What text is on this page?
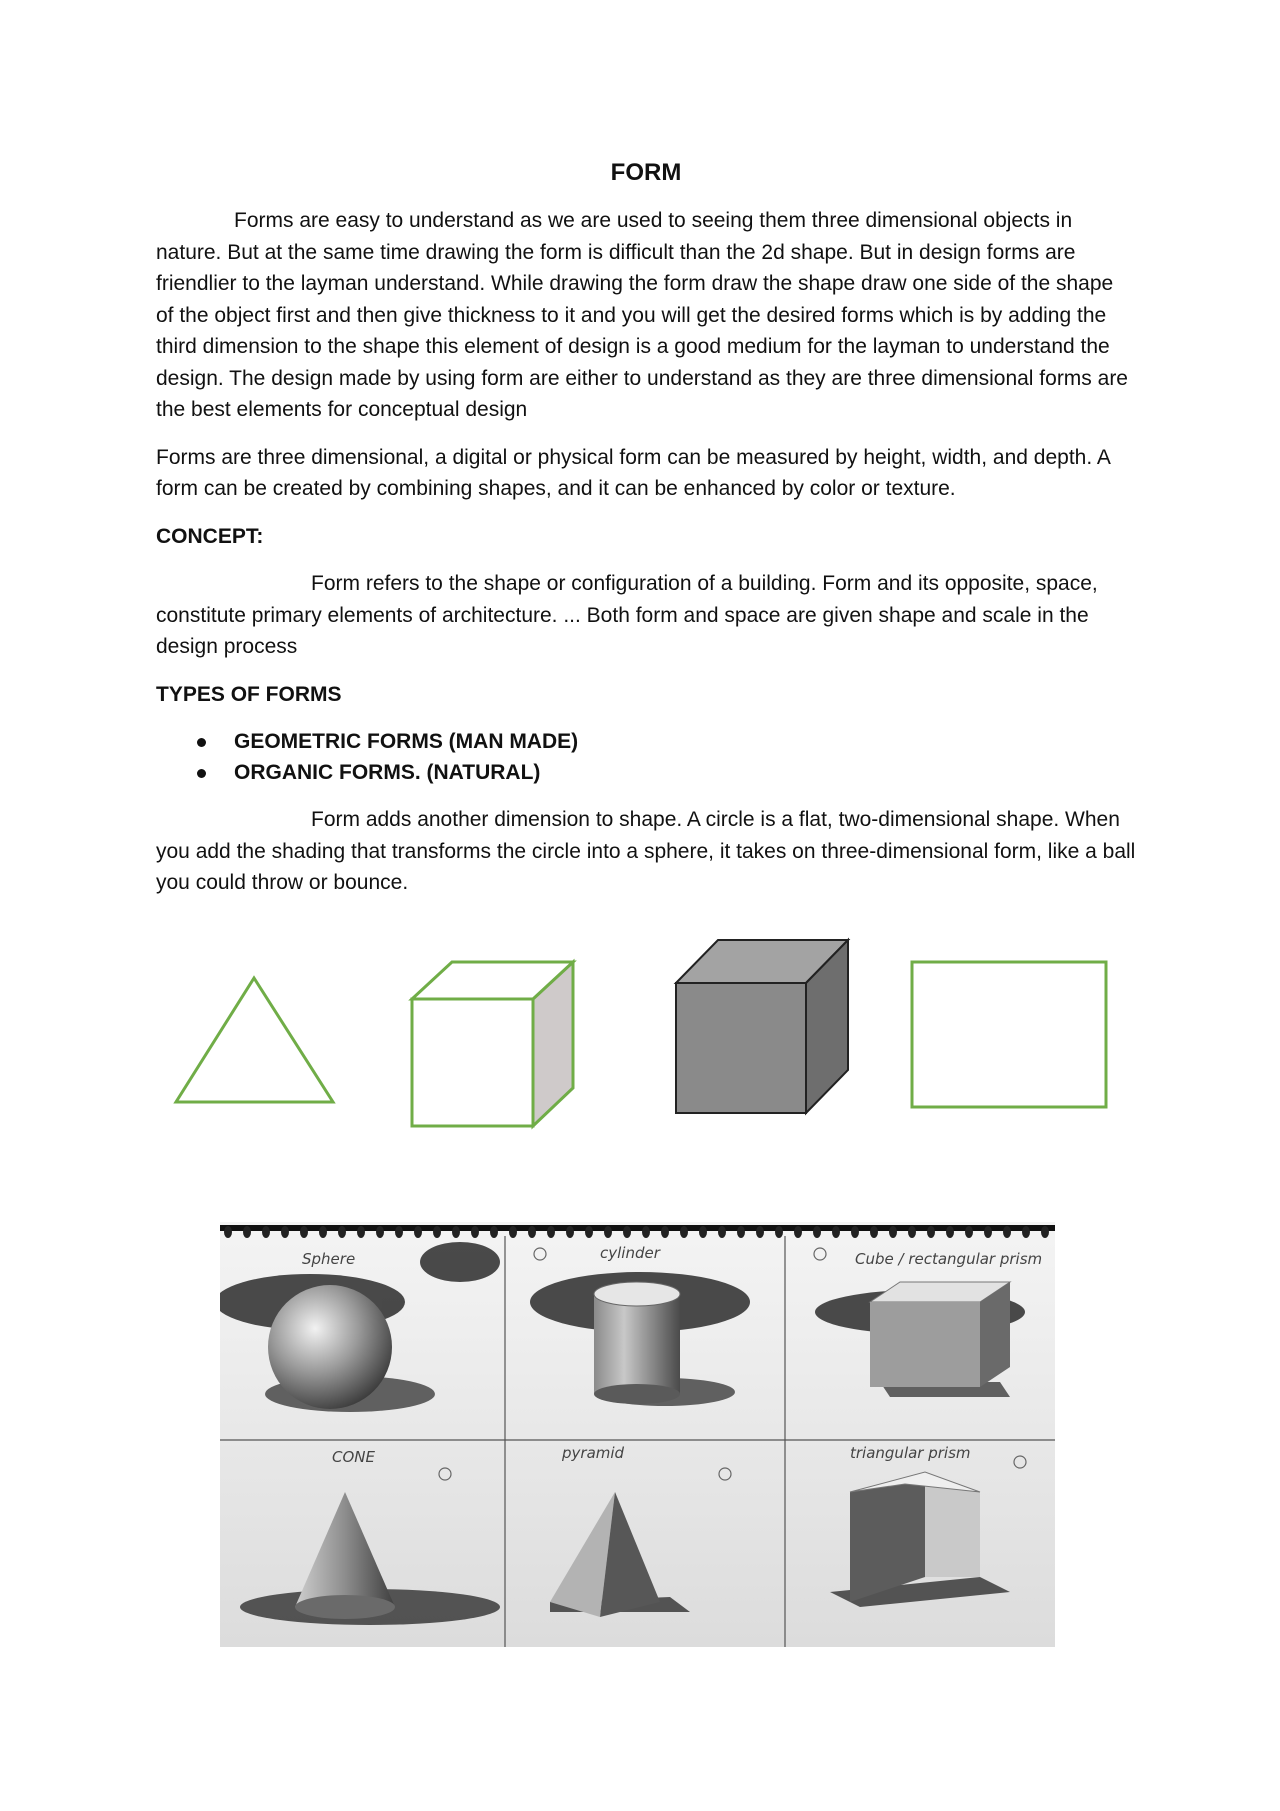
FORM

Forms are easy to understand as we are used to seeing them three dimensional objects in nature. But at the same time drawing the form is difficult than the 2d shape. But in design forms are friendlier to the layman understand. While drawing the form draw the shape draw one side of the shape of the object first and then give thickness to it and you will get the desired forms which is by adding the third dimension to the shape this element of design is a good medium for the layman to understand the design. The design made by using form are either to understand as they are three dimensional forms are the best elements for conceptual design

Forms are three dimensional, a digital or physical form can be measured by height, width, and depth. A form can be created by combining shapes, and it can be enhanced by color or texture.

CONCEPT:

Form refers to the shape or configuration of a building. Form and its opposite, space, constitute primary elements of architecture. ... Both form and space are given shape and scale in the design process

TYPES OF FORMS
GEOMETRIC FORMS (MAN MADE)
ORGANIC FORMS. (NATURAL)

Form adds another dimension to shape. A circle is a flat, two-dimensional shape. When you add the shading that transforms the circle into a sphere, it takes on three-dimensional form, like a ball you could throw or bounce.

Sphere	cylinder	Cube / rectangular prism
CONE	pyramid	triangular prism
